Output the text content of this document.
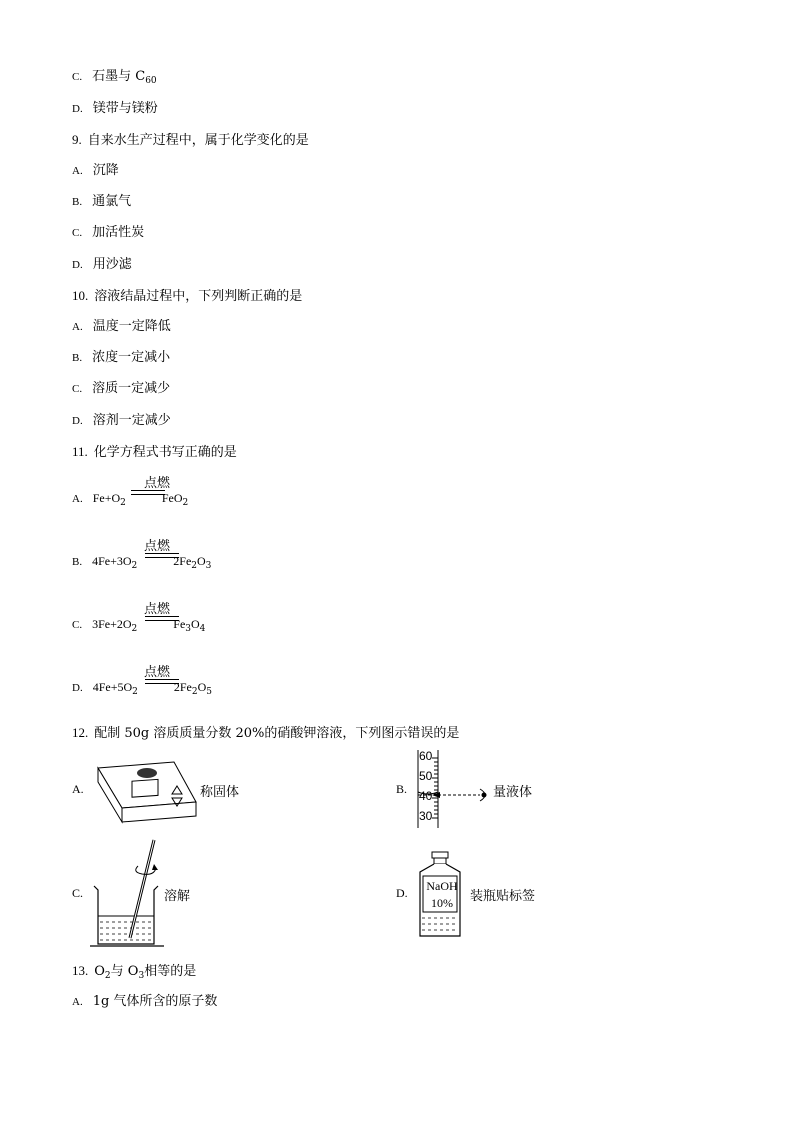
C. 石墨与 $C_{60}$
D. 镁带与镁粉
9. 自来水生产过程中，属于化学变化的是
A. 沉降
B. 通氯气
C. 加活性炭
D. 用沙滤
10. 溶液结晶过程中，下列判断正确的是
A. 温度一定降低
B. 浓度一定减小
C. 溶质一定减少
D. 溶剂一定减少
11. 化学方程式书写正确的是
A. $Fe+O_2$	FeO$_2$
点燃
B. $4Fe+3O_2$	$2Fe_2O_3$
点燃
C. $3Fe+2O_2$	$Fe_3O_4$
点燃
D. $4Fe+5O_2$	$2Fe_2O_5$
点燃
12. 配制 50g 溶质质量分数 20%的硝酸钾溶液，下列图示错误的是
A.	称固体	B.	量液体
60
50
40
30
C.	溶解	D.	NaOH
10%	装瓶贴标签
13. $O_2$与 $O_3$相等的是
A. 1g 气体所含的原子数
